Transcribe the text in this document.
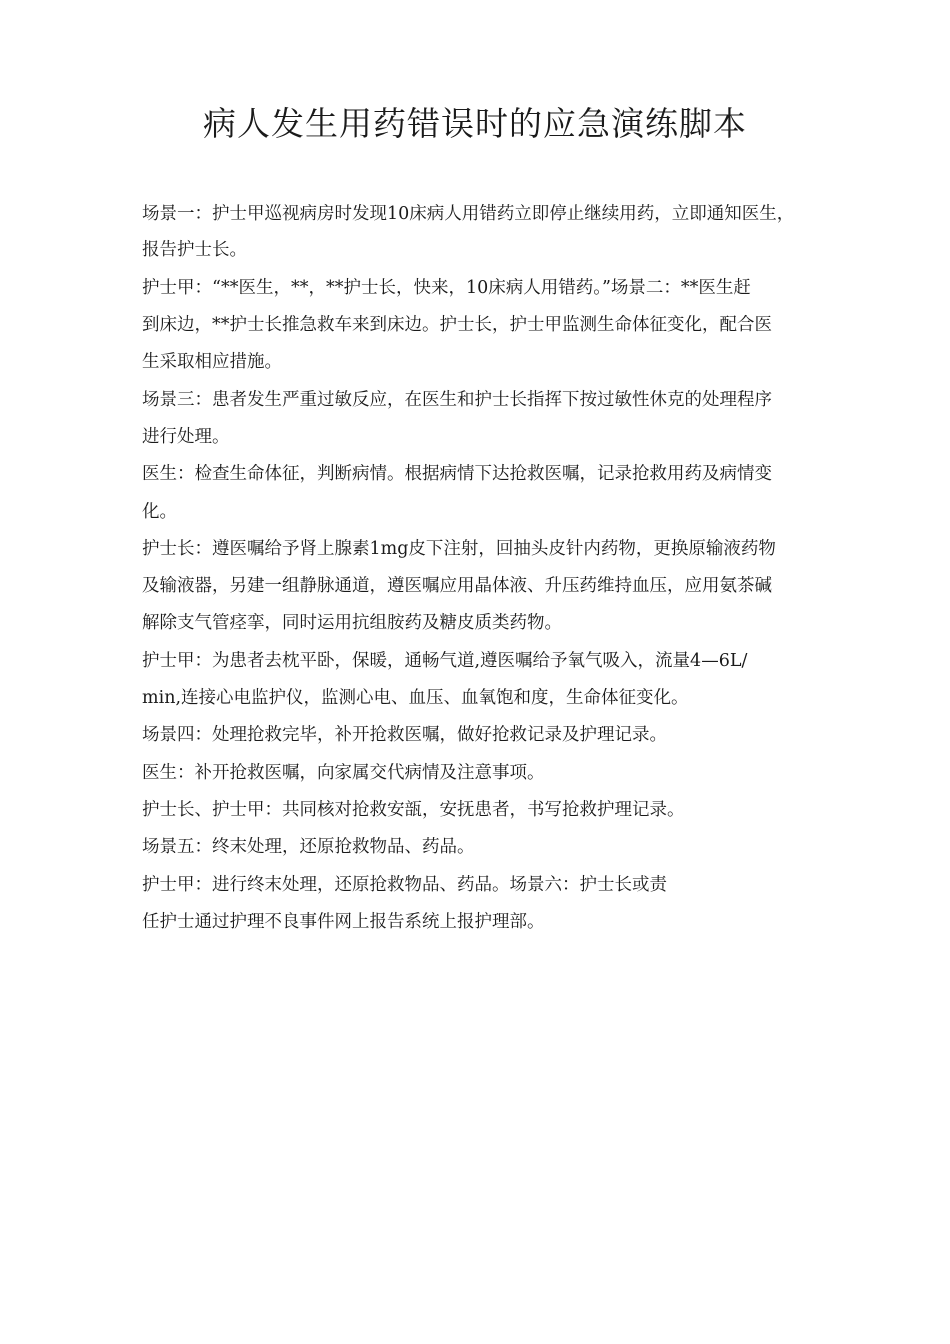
病人发生用药错误时的应急演练脚本
场景一：护士甲巡视病房时发现10床病人用错药立即停止继续用药，立即通知医生，
报告护士长。
护士甲：“**医生，**，**护士长，快来，10床病人用错药。”场景二：**医生赶
到床边，**护士长推急救车来到床边。护士长，护士甲监测生命体征变化，配合医
生采取相应措施。
场景三：患者发生严重过敏反应，在医生和护士长指挥下按过敏性休克的处理程序
进行处理。
医生：检查生命体征，判断病情。根据病情下达抢救医嘱，记录抢救用药及病情变
化。
护士长：遵医嘱给予肾上腺素1mg皮下注射，回抽头皮针内药物，更换原输液药物
及输液器，另建一组静脉通道，遵医嘱应用晶体液、升压药维持血压，应用氨茶碱
解除支气管痉挛，同时运用抗组胺药及糖皮质类药物。
护士甲：为患者去枕平卧，保暖，通畅气道,遵医嘱给予氧气吸入，流量4—6L/
min,连接心电监护仪，监测心电、血压、血氧饱和度，生命体征变化。
场景四：处理抢救完毕，补开抢救医嘱，做好抢救记录及护理记录。
医生：补开抢救医嘱，向家属交代病情及注意事项。
护士长、护士甲：共同核对抢救安瓿，安抚患者，书写抢救护理记录。
场景五：终末处理，还原抢救物品、药品。
护士甲：进行终末处理，还原抢救物品、药品。场景六：护士长或责
任护士通过护理不良事件网上报告系统上报护理部。
